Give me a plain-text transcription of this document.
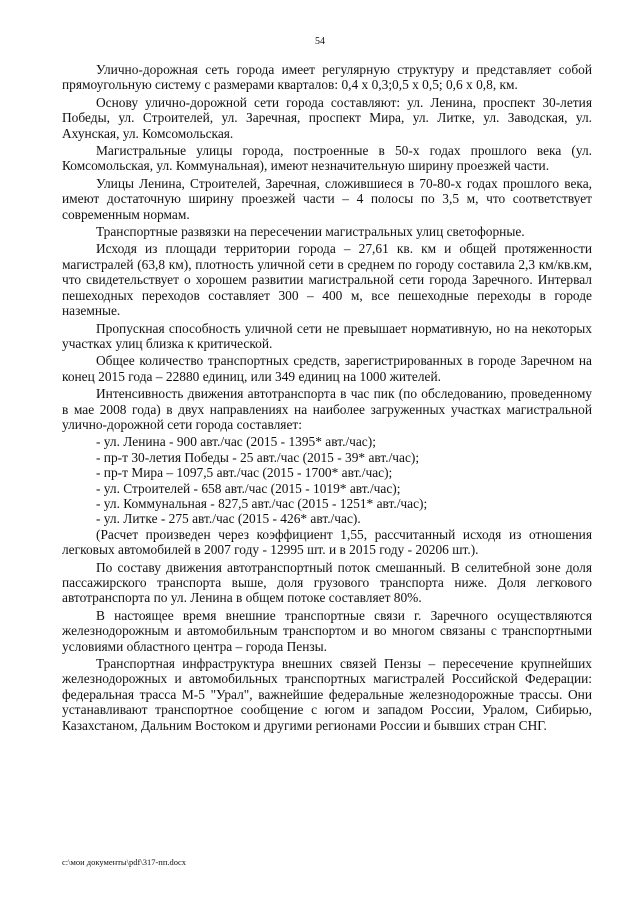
54

Улично-дорожная сеть города имеет регулярную структуру и представляет собой прямоугольную систему с размерами кварталов: 0,4 х 0,3;0,5 х 0,5; 0,6 х 0,8, км.

Основу улично-дорожной сети города составляют: ул. Ленина, проспект 30-летия Победы, ул. Строителей, ул. Заречная, проспект Мира, ул. Литке, ул. Заводская, ул. Ахунская, ул. Комсомольская.

Магистральные улицы города, построенные в 50-х годах прошлого века (ул. Комсомольская, ул. Коммунальная), имеют незначительную ширину проезжей части.

Улицы Ленина, Строителей, Заречная, сложившиеся в 70-80-х годах прошлого века, имеют достаточную ширину проезжей части – 4 полосы по 3,5 м, что соответствует современным нормам.

Транспортные развязки на пересечении магистральных улиц светофорные.

Исходя из площади территории города – 27,61 кв. км и общей протяженности магистралей (63,8 км), плотность уличной сети в среднем по городу составила 2,3 км/кв.км, что свидетельствует о хорошем развитии магистральной сети города Заречного. Интервал пешеходных переходов составляет 300 – 400 м, все пешеходные переходы в городе наземные.

Пропускная способность уличной сети не превышает нормативную, но на некоторых участках улиц близка к критической.

Общее количество транспортных средств, зарегистрированных в городе Заречном на конец 2015 года – 22880 единиц, или 349 единиц на 1000 жителей.

Интенсивность движения автотранспорта в час пик (по обследованию, проведенному в мае 2008 года) в двух направлениях на наиболее загруженных участках магистральной улично-дорожной сети города составляет:

- ул. Ленина - 900 авт./час (2015 - 1395* авт./час);
- пр-т 30-летия Победы - 25 авт./час (2015 - 39* авт./час);
- пр-т Мира – 1097,5 авт./час (2015 - 1700* авт./час);
- ул. Строителей - 658 авт./час (2015 - 1019* авт./час);
- ул. Коммунальная - 827,5 авт./час (2015 - 1251* авт./час);
- ул. Литке - 275 авт./час (2015 - 426* авт./час).

(Расчет произведен через коэффициент 1,55, рассчитанный исходя из отношения легковых автомобилей в 2007 году - 12995 шт. и в 2015 году - 20206 шт.).

По составу движения автотранспортный поток смешанный. В селитебной зоне доля пассажирского транспорта выше, доля грузового транспорта ниже. Доля легкового автотранспорта по ул. Ленина в общем потоке составляет 80%.

В настоящее время внешние транспортные связи г. Заречного осуществляются железнодорожным и автомобильным транспортом и во многом связаны с транспортными условиями областного центра – города Пензы.

Транспортная инфраструктура внешних связей Пензы – пересечение крупнейших железнодорожных и автомобильных транспортных магистралей Российской Федерации: федеральная трасса М-5 "Урал", важнейшие федеральные железнодорожные трассы. Они устанавливают транспортное сообщение с югом и западом России, Уралом, Сибирью, Казахстаном, Дальним Востоком и другими регионами России и бывших стран СНГ.

c:\мои документы\pdf\317-пп.docx
